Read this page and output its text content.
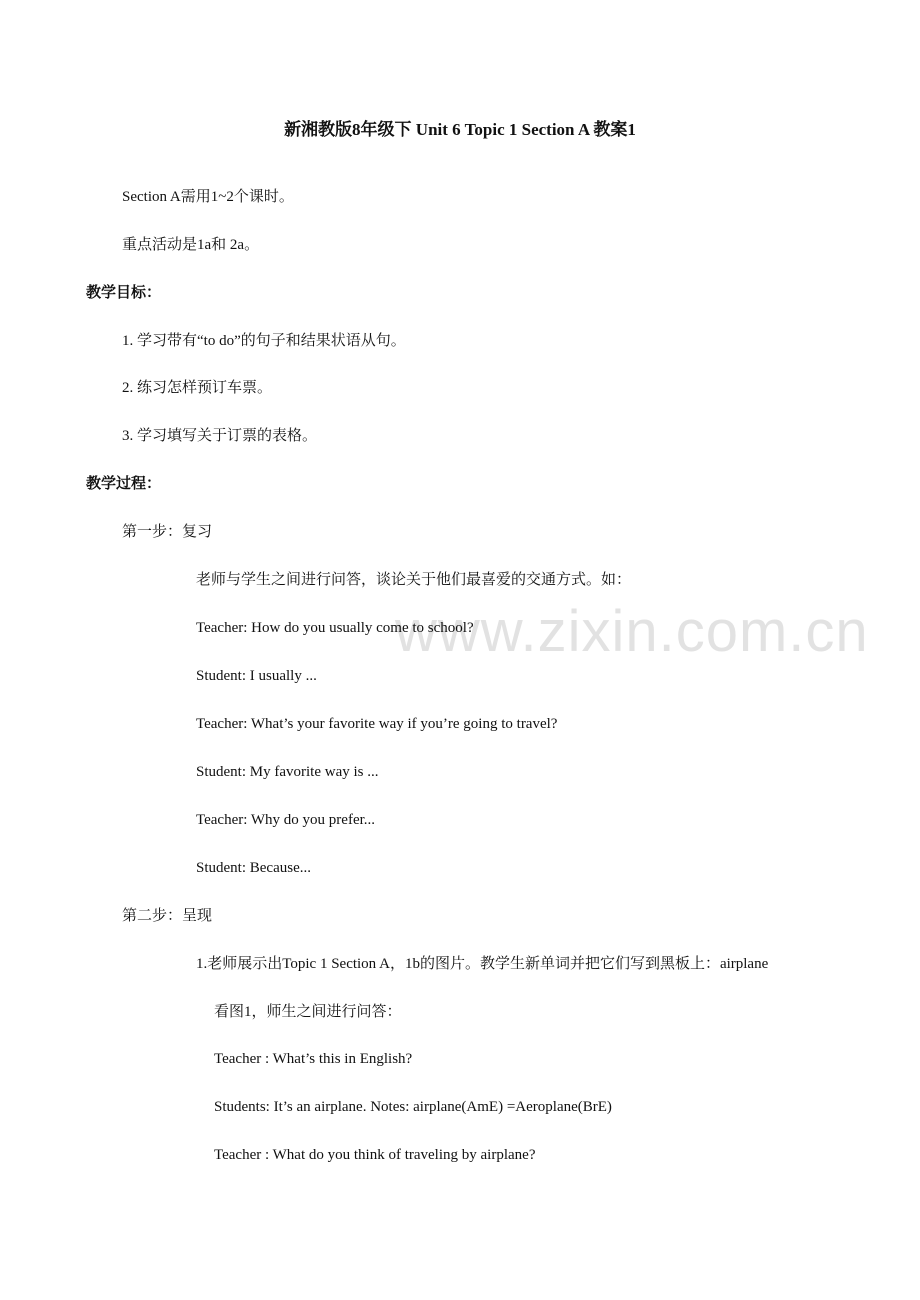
www.zixin.com.cn
新湘教版8年级下 Unit 6 Topic 1 Section A 教案1
Section A需用1~2个课时。
重点活动是1a和 2a。
教学目标：
1. 学习带有“to do”的句子和结果状语从句。
2. 练习怎样预订车票。
3. 学习填写关于订票的表格。
教学过程：
第一步：复习
老师与学生之间进行问答，谈论关于他们最喜爱的交通方式。如：
Teacher: How do you usually come to school?
Student: I usually ...
Teacher: What’s your favorite way if you’re going to travel?
Student: My favorite way is ...
Teacher: Why do you prefer...
Student: Because...
第二步：呈现
1.老师展示出Topic 1 Section A，1b的图片。教学生新单词并把它们写到黑板上：airplane
看图1，师生之间进行问答：
Teacher : What’s this in English?
Students: It’s an airplane. Notes: airplane(AmE) =Aeroplane(BrE)
Teacher : What do you think of traveling by airplane?
